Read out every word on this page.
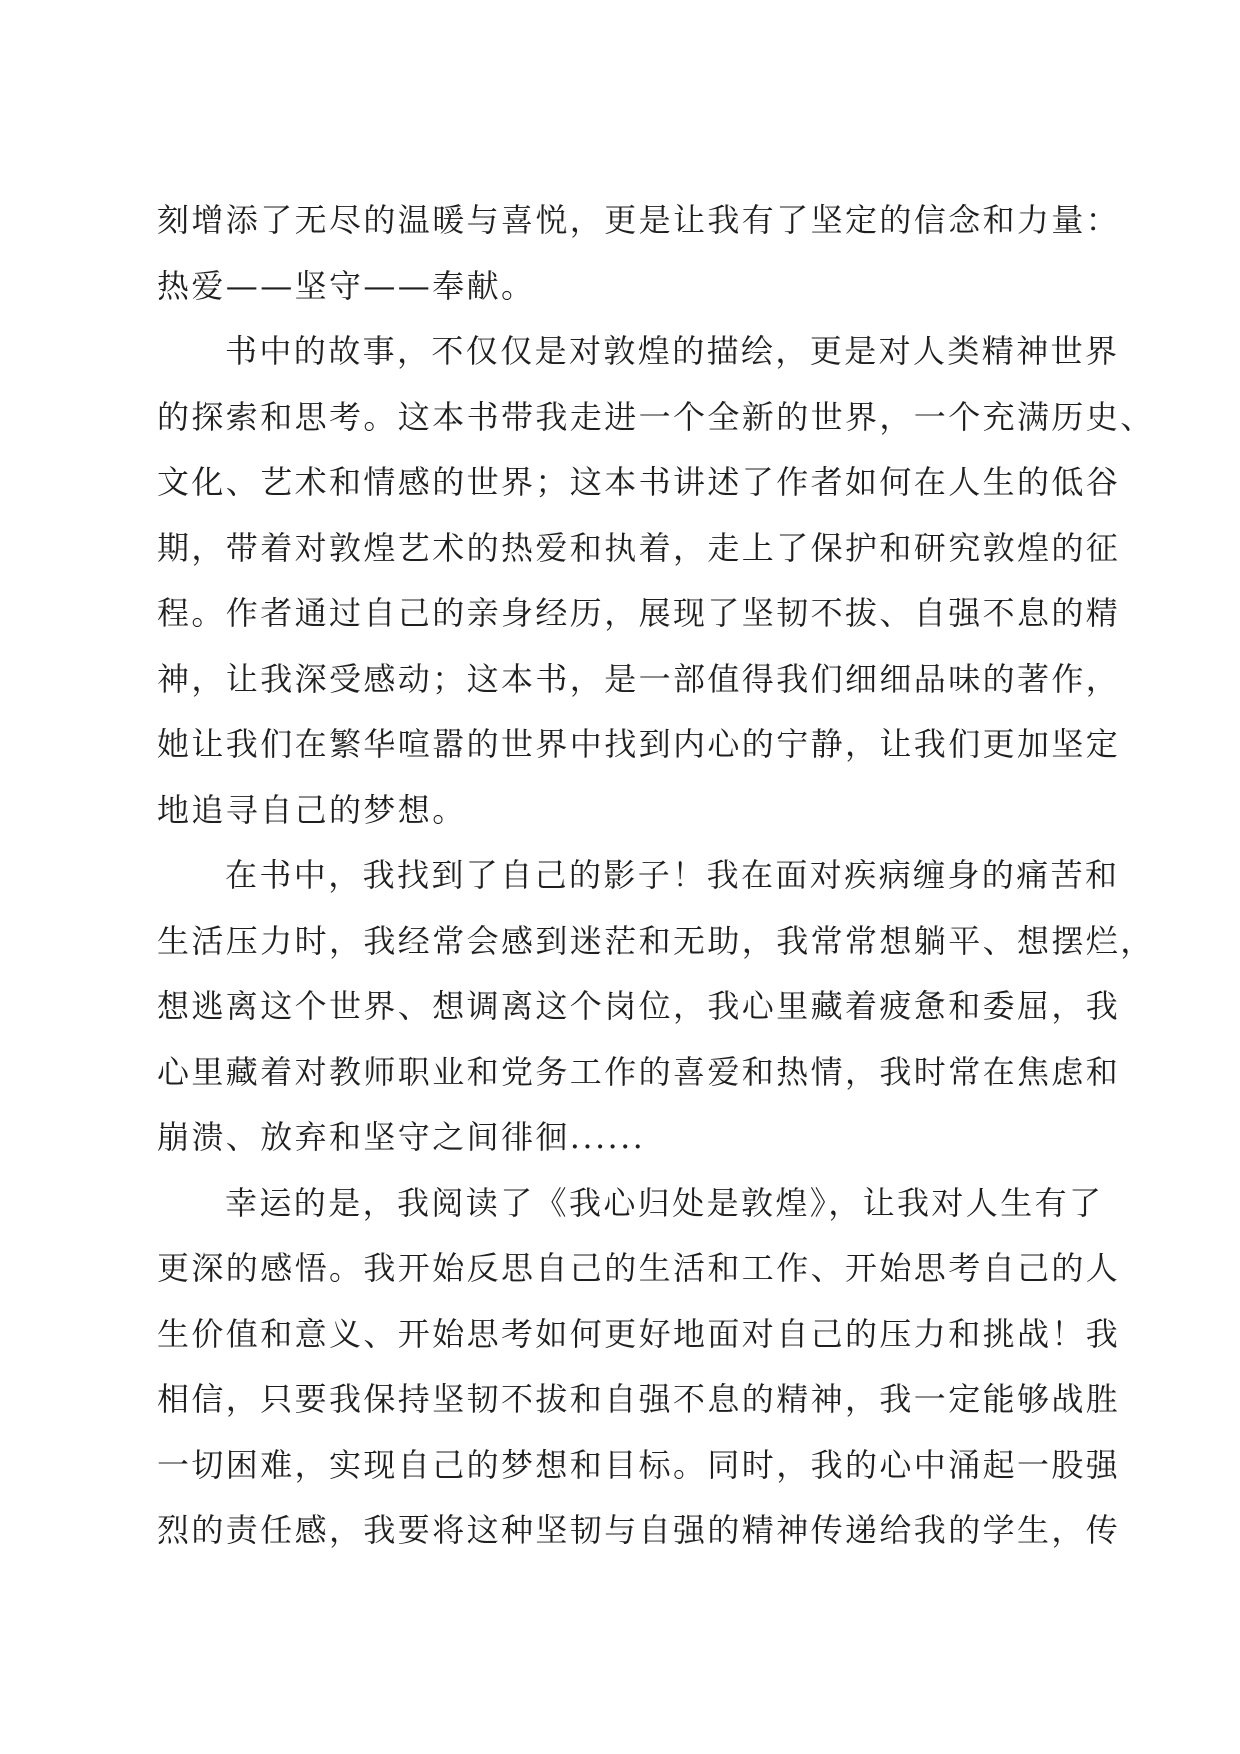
刻增添了无尽的温暖与喜悦，更是让我有了坚定的信念和力量：
热爱——坚守——奉献。
书中的故事，不仅仅是对敦煌的描绘，更是对人类精神世界
的探索和思考。这本书带我走进一个全新的世界，一个充满历史、
文化、艺术和情感的世界；这本书讲述了作者如何在人生的低谷
期，带着对敦煌艺术的热爱和执着，走上了保护和研究敦煌的征
程。作者通过自己的亲身经历，展现了坚韧不拔、自强不息的精
神，让我深受感动；这本书，是一部值得我们细细品味的著作，
她让我们在繁华喧嚣的世界中找到内心的宁静，让我们更加坚定
地追寻自己的梦想。
在书中，我找到了自己的影子！我在面对疾病缠身的痛苦和
生活压力时，我经常会感到迷茫和无助，我常常想躺平、想摆烂，
想逃离这个世界、想调离这个岗位，我心里藏着疲惫和委屈，我
心里藏着对教师职业和党务工作的喜爱和热情，我时常在焦虑和
崩溃、放弃和坚守之间徘徊......
幸运的是，我阅读了《我心归处是敦煌》，让我对人生有了
更深的感悟。我开始反思自己的生活和工作、开始思考自己的人
生价值和意义、开始思考如何更好地面对自己的压力和挑战！我
相信，只要我保持坚韧不拔和自强不息的精神，我一定能够战胜
一切困难，实现自己的梦想和目标。同时，我的心中涌起一股强
烈的责任感，我要将这种坚韧与自强的精神传递给我的学生，传
